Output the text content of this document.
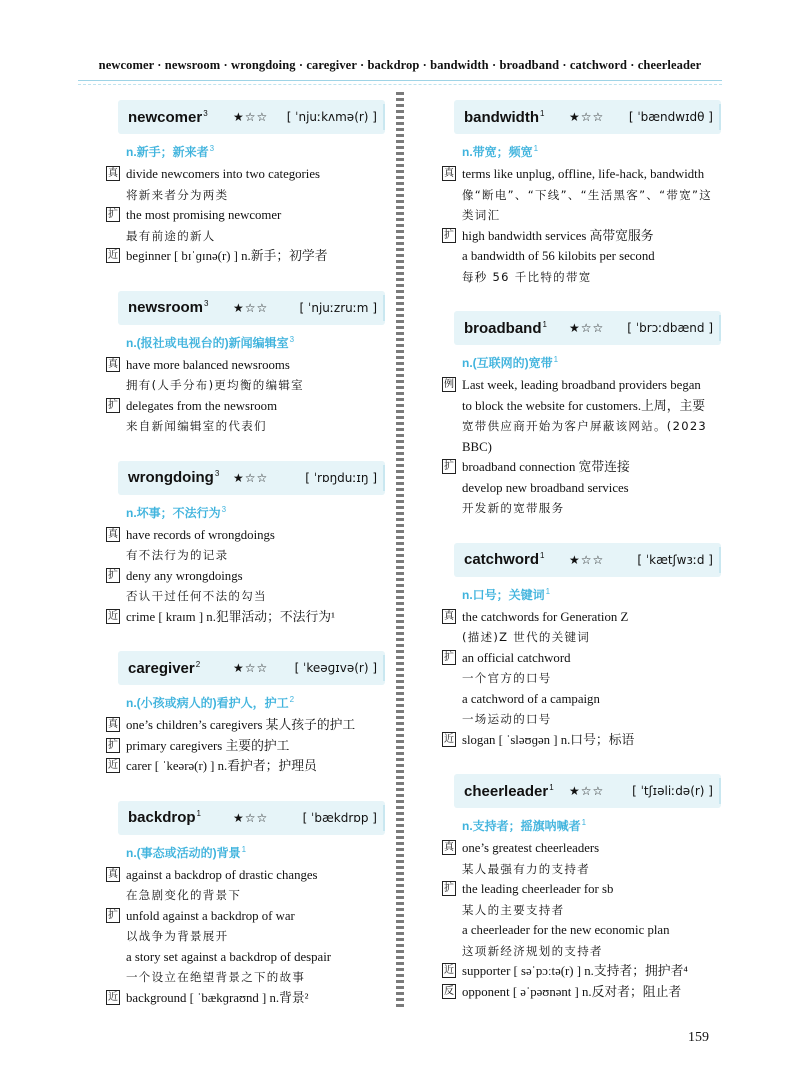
newcomer · newsroom · wrongdoing · caregiver · backdrop · bandwidth · broadband · catchword · cheerleader
newcomer$^3$ ★☆☆ [ ˈnjuːkʌmə(r) ]
n.新手；新来者$^3$
真 divide newcomers into two categories
将新来者分为两类
扩 the most promising newcomer
最有前途的新人
近 beginner [ bɪˈɡɪnə(r) ] n.新手；初学者
newsroom$^3$ ★☆☆	[ ˈnjuːzruːm ]
n.(报社或电视台的)新闻编辑室$^3$
真 have more balanced newsrooms
拥有(人手分布)更均衡的编辑室
扩 delegates from the newsroom
来自新闻编辑室的代表们
wrongdoing$^3$ ★☆☆	[ ˈrɒŋduːɪŋ ]
n.坏事；不法行为$^3$
真 have records of wrongdoings
有不法行为的记录
扩 deny any wrongdoings
否认干过任何不法的勾当
近 crime [ kraɪm ] n.犯罪活动；不法行为¹
caregiver$^2$	★☆☆ [ ˈkeəɡɪvə(r) ]
n.(小孩或病人的)看护人，护工$^2$
真 one’s children’s caregivers 某人孩子的护工
扩 primary caregivers 主要的护工
近 carer [ ˈkeərə(r) ] n.看护者；护理员
backdrop$^1$	★☆☆	[ ˈbækdrɒp ]
n.(事态或活动的)背景$^1$
真 against a backdrop of drastic changes
在急剧变化的背景下
扩 unfold against a backdrop of war
以战争为背景展开
a story set against a backdrop of despair
一个设立在绝望背景之下的故事
近 background [ ˈbækɡraʊnd ] n.背景²
bandwidth$^1$ ★☆☆ [ ˈbændwɪdθ ]
n.带宽；频宽$^1$
真 terms like unplug, offline, life-hack, bandwidth
像“断电”、“下线”、“生活黑客”、“带宽”这
类词汇
扩 high bandwidth services 高带宽服务
a bandwidth of 56 kilobits per second
每秒 56 千比特的带宽
broadband$^1$ ★☆☆ [ ˈbrɔːdbænd ]
n.(互联网的)宽带$^1$
例 Last week, leading broadband providers began
to block the website for customers.上周，主要
宽带供应商开始为客户屏蔽该网站。(2023
BBC)
扩 broadband connection 宽带连接
develop new broadband services
开发新的宽带服务
catchword$^1$ ★☆☆	[ ˈkætʃwɜːd ]
n.口号；关键词$^1$
真 the catchwords for Generation Z
(描述)Z 世代的关键词
扩 an official catchword
一个官方的口号
a catchword of a campaign
一场运动的口号
近 slogan [ ˈsləʊɡən ] n.口号；标语
cheerleader$^1$ ★☆☆ [ ˈtʃɪəliːdə(r) ]
n.支持者；摇旗呐喊者$^1$
真 one’s greatest cheerleaders
某人最强有力的支持者
扩 the leading cheerleader for sb
某人的主要支持者
a cheerleader for the new economic plan
这项新经济规划的支持者
近 supporter [ səˈpɔːtə(r) ] n.支持者；拥护者⁴
反 opponent [ əˈpəʊnənt ] n.反对者；阻止者
159
